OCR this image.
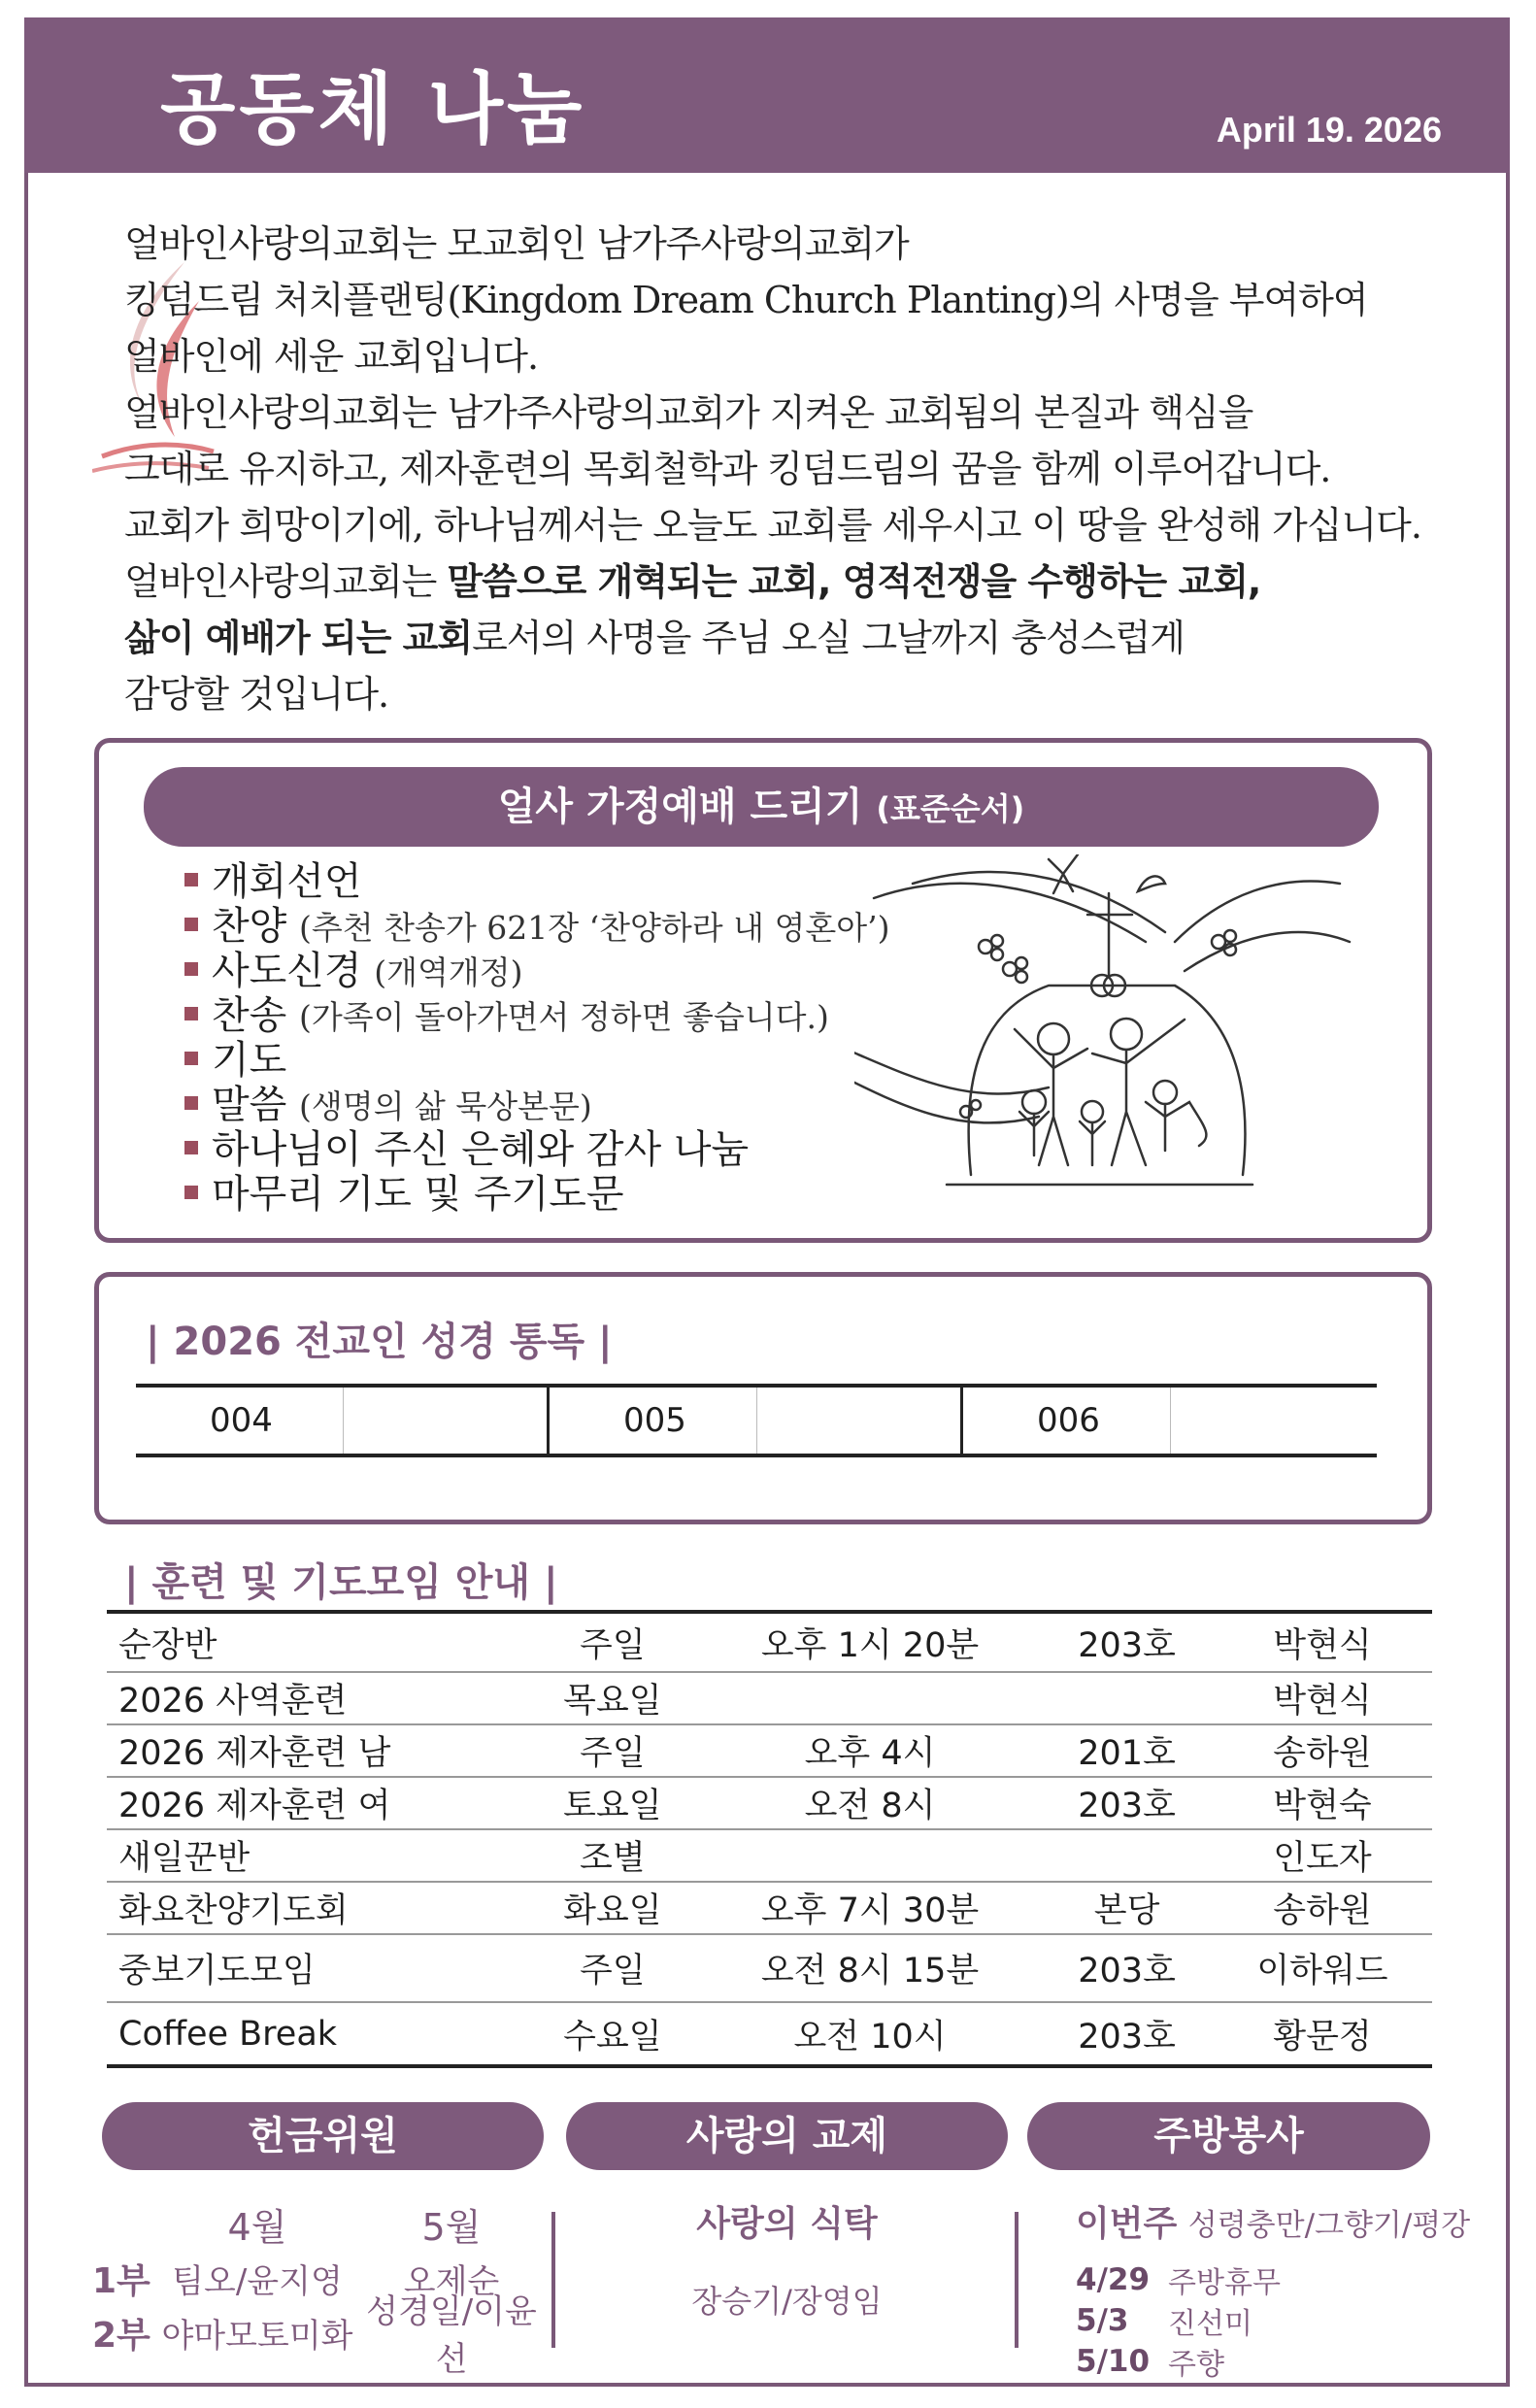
공동체 나눔	April 19. 2026

얼바인사랑의교회는 모교회인 남가주사랑의교회가

킹덤드림 처치플랜팅(Kingdom Dream Church Planting)의 사명을 부여하여

얼바인에 세운 교회입니다.

얼바인사랑의교회는 남가주사랑의교회가 지켜온 교회됨의 본질과 핵심을

그대로 유지하고, 제자훈련의 목회철학과 킹덤드림의 꿈을 함께 이루어갑니다.

교회가 희망이기에, 하나님께서는 오늘도 교회를 세우시고 이 땅을 완성해 가십니다.

얼바인사랑의교회는 말씀으로 개혁되는 교회, 영적전쟁을 수행하는 교회,

삶이 예배가 되는 교회로서의 사명을 주님 오실 그날까지 충성스럽게

감당할 것입니다.

얼사 가정예배 드리기 (표준순서)
개회선언
찬양 (추천 찬송가 621장 ‘찬양하라 내 영혼아’)
사도신경 (개역개정)
찬송 (가족이 돌아가면서 정하면 좋습니다.)
기도
말씀 (생명의 삶 묵상본문)
하나님이 주신 은혜와 감사 나눔
마무리 기도 및 주기도문
| 2026 전교인 성경 통독 |
004	005	006
| 훈련 및 기도모임 안내 |
순장반	주일	오후 1시 20분	203호	박현식
2026 사역훈련	목요일			박현식
2026 제자훈련 남	주일	오후 4시	201호	송하원
2026 제자훈련 여	토요일	오전 8시	203호	박현숙
새일꾼반	조별			인도자
화요찬양기도회	화요일	오후 7시 30분	본당	송하원
중보기도모임	주일	오전 8시 15분	203호	이하워드
Coffee Break	수요일	오전 10시	203호	황문정
헌금위원	사랑의 교제	주방봉사
4월	5월
1부 팀오/윤지영	오제순
2부 야마모토미화
성경일/이윤선
사랑의 식탁
장승기/장영임
이번주 성령충만/그향기/평강
4/29 주방휴무
5/3	진선미
5/10 주향
